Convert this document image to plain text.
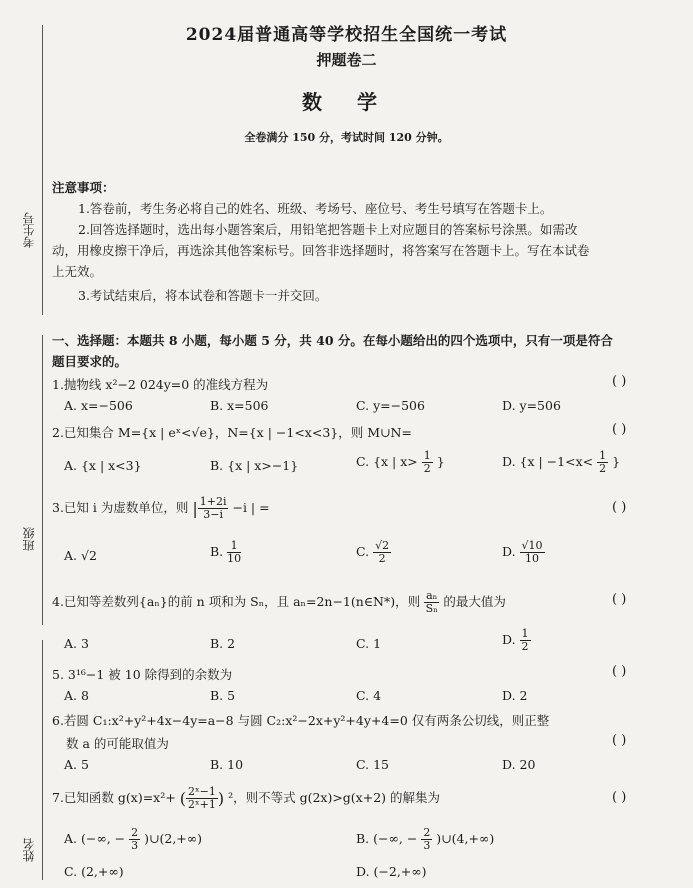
考生号
班级
姓名
2024届普通高等学校招生全国统一考试
押题卷二
数 学
全卷满分 150 分，考试时间 120 分钟。
注意事项：
1.答卷前，考生务必将自己的姓名、班级、考场号、座位号、考生号填写在答题卡上。
2.回答选择题时，选出每小题答案后，用铅笔把答题卡上对应题目的答案标号涂黑。如需改
动，用橡皮擦干净后，再选涂其他答案标号。回答非选择题时，将答案写在答题卡上。写在本试卷
上无效。
3.考试结束后，将本试卷和答题卡一并交回。
一、选择题：本题共 8 小题，每小题 5 分，共 40 分。在每小题给出的四个选项中，只有一项是符合
题目要求的。
1.抛物线 x²−2 024y=0 的准线方程为	( )
A. x=−506	B. x=506	C. y=−506	D. y=506
2.已知集合 M={x | eˣ<√e}，N={x | −1<x<3}，则 M∪N=	( )
A. {x | x<3}	B. {x | x>−1}	C. {x | $x> \frac{1}{2}$ }	D. {x | $-1<x< \frac{1}{2}$ }
3.已知 i 为虚数单位，则 | $\frac{1+2i}{3-i} -i$ | =	( )
A. √2	B. $\frac{1}{10}$	C. $\frac{√2}{2}$	D. $\frac{√10}{10}$
4.已知等差数列{aₙ}的前 n 项和为 Sₙ，且 aₙ=2n−1(n∈N*)，则 $\frac{\text{aₙ}}{\text{Sₙ}}$ 的最大值为	( )
A. 3	B. 2	C. 1	D. $\frac{1}{2}$
5. 3¹⁶−1 被 10 除得到的余数为	( )
A. 8	B. 5	C. 4	D. 2
6.若圆 C₁:x²+y²+4x−4y=a−8 与圆 C₂:x²−2x+y²+4y+4=0 仅有两条公切线，则正整
数 a 的可能取值为	( )
A. 5	B. 10	C. 15	D. 20
7.已知函数 g(x)=x²+ ( $\frac{\text{2ˣ−1}}{\text{2ˣ+1}}$ ) ²，则不等式 g(2x)>g(x+2) 的解集为	( )
A. (−∞, − $\frac{2}{3}$ )∪(2,+∞)	B. (−∞, − $\frac{2}{3}$ )∪(4,+∞)
C. (2,+∞)	D. (−2,+∞)
